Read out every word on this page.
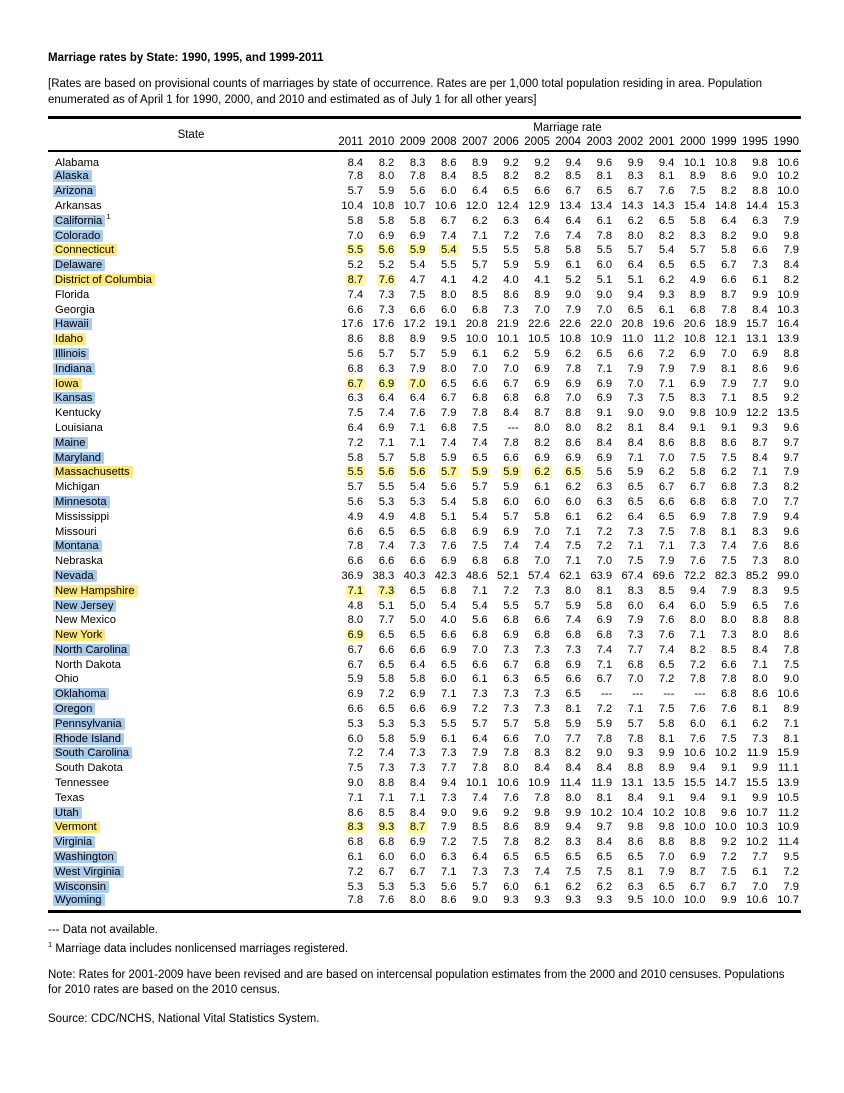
Marriage rates by State: 1990, 1995, and 1999-2011

[Rates are based on provisional counts of marriages by state of occurrence. Rates are per 1,000 total population residing in area. Population enumerated as of April 1 for 1990, 2000, and 2010 and estimated as of July 1 for all other years]

State	Marriage rate														
	2011	2010	2009	2008	2007	2006	2005	2004	2003	2002	2001	2000	1999	1995	1990
Alabama	8.4	8.2	8.3	8.6	8.9	9.2	9.2	9.4	9.6	9.9	9.4	10.1	10.8	9.8	10.6
Alaska	7.8	8.0	7.8	8.4	8.5	8.2	8.2	8.5	8.1	8.3	8.1	8.9	8.6	9.0	10.2
Arizona	5.7	5.9	5.6	6.0	6.4	6.5	6.6	6.7	6.5	6.7	7.6	7.5	8.2	8.8	10.0
Arkansas	10.4	10.8	10.7	10.6	12.0	12.4	12.9	13.4	13.4	14.3	14.3	15.4	14.8	14.4	15.3
California $^1$	5.8	5.8	5.8	6.7	6.2	6.3	6.4	6.4	6.1	6.2	6.5	5.8	6.4	6.3	7.9
Colorado	7.0	6.9	6.9	7.4	7.1	7.2	7.6	7.4	7.8	8.0	8.2	8.3	8.2	9.0	9.8
Connecticut	5.5	5.6	5.9	5.4	5.5	5.5	5.8	5.8	5.5	5.7	5.4	5.7	5.8	6.6	7.9
Delaware	5.2	5.2	5.4	5.5	5.7	5.9	5.9	6.1	6.0	6.4	6.5	6.5	6.7	7.3	8.4
District of Columbia	8.7	7.6	4.7	4.1	4.2	4.0	4.1	5.2	5.1	5.1	6.2	4.9	6.6	6.1	8.2
Florida	7.4	7.3	7.5	8.0	8.5	8.6	8.9	9.0	9.0	9.4	9.3	8.9	8.7	9.9	10.9
Georgia	6.6	7.3	6.6	6.0	6.8	7.3	7.0	7.9	7.0	6.5	6.1	6.8	7.8	8.4	10.3
Hawaii	17.6	17.6	17.2	19.1	20.8	21.9	22.6	22.6	22.0	20.8	19.6	20.6	18.9	15.7	16.4
Idaho	8.6	8.8	8.9	9.5	10.0	10.1	10.5	10.8	10.9	11.0	11.2	10.8	12.1	13.1	13.9
Illinois	5.6	5.7	5.7	5.9	6.1	6.2	5.9	6.2	6.5	6.6	7.2	6.9	7.0	6.9	8.8
Indiana	6.8	6.3	7.9	8.0	7.0	7.0	6.9	7.8	7.1	7.9	7.9	7.9	8.1	8.6	9.6
Iowa	6.7	6.9	7.0	6.5	6.6	6.7	6.9	6.9	6.9	7.0	7.1	6.9	7.9	7.7	9.0
Kansas	6.3	6.4	6.4	6.7	6.8	6.8	6.8	7.0	6.9	7.3	7.5	8.3	7.1	8.5	9.2
Kentucky	7.5	7.4	7.6	7.9	7.8	8.4	8.7	8.8	9.1	9.0	9.0	9.8	10.9	12.2	13.5
Louisiana	6.4	6.9	7.1	6.8	7.5	---	8.0	8.0	8.2	8.1	8.4	9.1	9.1	9.3	9.6
Maine	7.2	7.1	7.1	7.4	7.4	7.8	8.2	8.6	8.4	8.4	8.6	8.8	8.6	8.7	9.7
Maryland	5.8	5.7	5.8	5.9	6.5	6.6	6.9	6.9	6.9	7.1	7.0	7.5	7.5	8.4	9.7
Massachusetts	5.5	5.6	5.6	5.7	5.9	5.9	6.2	6.5	5.6	5.9	6.2	5.8	6.2	7.1	7.9
Michigan	5.7	5.5	5.4	5.6	5.7	5.9	6.1	6.2	6.3	6.5	6.7	6.7	6.8	7.3	8.2
Minnesota	5.6	5.3	5.3	5.4	5.8	6.0	6.0	6.0	6.3	6.5	6.6	6.8	6.8	7.0	7.7
Mississippi	4.9	4.9	4.8	5.1	5.4	5.7	5.8	6.1	6.2	6.4	6.5	6.9	7.8	7.9	9.4
Missouri	6.6	6.5	6.5	6.8	6.9	6.9	7.0	7.1	7.2	7.3	7.5	7.8	8.1	8.3	9.6
Montana	7.8	7.4	7.3	7.6	7.5	7.4	7.4	7.5	7.2	7.1	7.1	7.3	7.4	7.6	8.6
Nebraska	6.6	6.6	6.6	6.9	6.8	6.8	7.0	7.1	7.0	7.5	7.9	7.6	7.5	7.3	8.0
Nevada	36.9	38.3	40.3	42.3	48.6	52.1	57.4	62.1	63.9	67.4	69.6	72.2	82.3	85.2	99.0
New Hampshire	7.1	7.3	6.5	6.8	7.1	7.2	7.3	8.0	8.1	8.3	8.5	9.4	7.9	8.3	9.5
New Jersey	4.8	5.1	5.0	5.4	5.4	5.5	5.7	5.9	5.8	6.0	6.4	6.0	5.9	6.5	7.6
New Mexico	8.0	7.7	5.0	4.0	5.6	6.8	6.6	7.4	6.9	7.9	7.6	8.0	8.0	8.8	8.8
New York	6.9	6.5	6.5	6.6	6.8	6.9	6.8	6.8	6.8	7.3	7.6	7.1	7.3	8.0	8.6
North Carolina	6.7	6.6	6.6	6.9	7.0	7.3	7.3	7.3	7.4	7.7	7.4	8.2	8.5	8.4	7.8
North Dakota	6.7	6.5	6.4	6.5	6.6	6.7	6.8	6.9	7.1	6.8	6.5	7.2	6.6	7.1	7.5
Ohio	5.9	5.8	5.8	6.0	6.1	6.3	6.5	6.6	6.7	7.0	7.2	7.8	7.8	8.0	9.0
Oklahoma	6.9	7.2	6.9	7.1	7.3	7.3	7.3	6.5	---	---	---	---	6.8	8.6	10.6
Oregon	6.6	6.5	6.6	6.9	7.2	7.3	7.3	8.1	7.2	7.1	7.5	7.6	7.6	8.1	8.9
Pennsylvania	5.3	5.3	5.3	5.5	5.7	5.7	5.8	5.9	5.9	5.7	5.8	6.0	6.1	6.2	7.1
Rhode Island	6.0	5.8	5.9	6.1	6.4	6.6	7.0	7.7	7.8	7.8	8.1	7.6	7.5	7.3	8.1
South Carolina	7.2	7.4	7.3	7.3	7.9	7.8	8.3	8.2	9.0	9.3	9.9	10.6	10.2	11.9	15.9
South Dakota	7.5	7.3	7.3	7.7	7.8	8.0	8.4	8.4	8.4	8.8	8.9	9.4	9.1	9.9	11.1
Tennessee	9.0	8.8	8.4	9.4	10.1	10.6	10.9	11.4	11.9	13.1	13.5	15.5	14.7	15.5	13.9
Texas	7.1	7.1	7.1	7.3	7.4	7.6	7.8	8.0	8.1	8.4	9.1	9.4	9.1	9.9	10.5
Utah	8.6	8.5	8.4	9.0	9.6	9.2	9.8	9.9	10.2	10.4	10.2	10.8	9.6	10.7	11.2
Vermont	8.3	9.3	8.7	7.9	8.5	8.6	8.9	9.4	9.7	9.8	9.8	10.0	10.0	10.3	10.9
Virginia	6.8	6.8	6.9	7.2	7.5	7.8	8.2	8.3	8.4	8.6	8.8	8.8	9.2	10.2	11.4
Washington	6.1	6.0	6.0	6.3	6.4	6.5	6.5	6.5	6.5	6.5	7.0	6.9	7.2	7.7	9.5
West Virginia	7.2	6.7	6.7	7.1	7.3	7.3	7.4	7.5	7.5	8.1	7.9	8.7	7.5	6.1	7.2
Wisconsin	5.3	5.3	5.3	5.6	5.7	6.0	6.1	6.2	6.2	6.3	6.5	6.7	6.7	7.0	7.9
Wyoming	7.8	7.6	8.0	8.6	9.0	9.3	9.3	9.3	9.3	9.5	10.0	10.0	9.9	10.6	10.7
--- Data not available.
$^1$ Marriage data includes nonlicensed marriages registered.
Note: Rates for 2001-2009 have been revised and are based on intercensal population estimates from the 2000 and 2010 censuses. Populations for 2010 rates are based on the 2010 census.
Source: CDC/NCHS, National Vital Statistics System.
